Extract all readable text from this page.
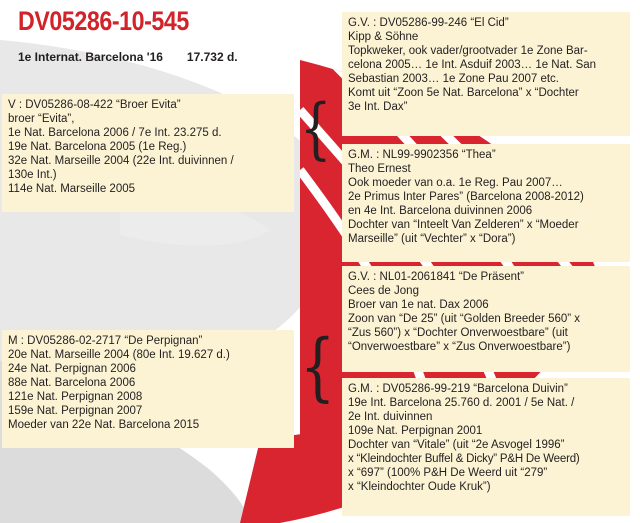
DV05286-10-545
1e Internat. Barcelona '16 17.732 d.
G.V. : DV05286-99-246 “El Cid”
Kipp & Söhne
Topkweker, ook vader/grootvader 1e Zone Bar-
celona 2005… 1e Int. Asduif 2003… 1e Nat. San
Sebastian 2003… 1e Zone Pau 2007 etc.
Komt uit “Zoon 5e Nat. Barcelona” x “Dochter
3e Int. Dax”
G.M. : NL99-9902356 “Thea”
Theo Ernest
Ook moeder van o.a. 1e Reg. Pau 2007…
2e Primus Inter Pares” (Barcelona 2008-2012)
en 4e Int. Barcelona duivinnen 2006
Dochter van “Inteelt Van Zelderen” x “Moeder
Marseille” (uit “Vechter” x “Dora”)
V : DV05286-08-422 “Broer Evita”
broer “Evita”,
1e Nat. Barcelona 2006 / 7e Int. 23.275 d.
19e Nat. Barcelona 2005 (1e Reg.)
32e Nat. Marseille 2004 (22e Int. duivinnen /
130e Int.)
114e Nat. Marseille 2005
{
G.V. : NL01-2061841 “De Präsent”
Cees de Jong
Broer van 1e nat. Dax 2006
Zoon van “De 25” (uit “Golden Breeder 560” x
“Zus 560”) x “Dochter Onverwoestbare” (uit
“Onverwoestbare” x “Zus Onverwoestbare”)
G.M. : DV05286-99-219 “Barcelona Duivin”
19e Int. Barcelona 25.760 d. 2001 / 5e Nat. /
2e Int. duivinnen
109e Nat. Perpignan 2001
Dochter van “Vitale” (uit “2e Asvogel 1996”
x “Kleindochter Buffel & Dicky” P&H De Weerd)
x “697” (100% P&H De Weerd uit “279”
x “Kleindochter Oude Kruk”)
M : DV05286-02-2717 “De Perpignan”
20e Nat. Marseille 2004 (80e Int. 19.627 d.)
24e Nat. Perpignan 2006
88e Nat. Barcelona 2006
121e Nat. Perpignan 2008
159e Nat. Perpignan 2007
Moeder van 22e Nat. Barcelona 2015
{
